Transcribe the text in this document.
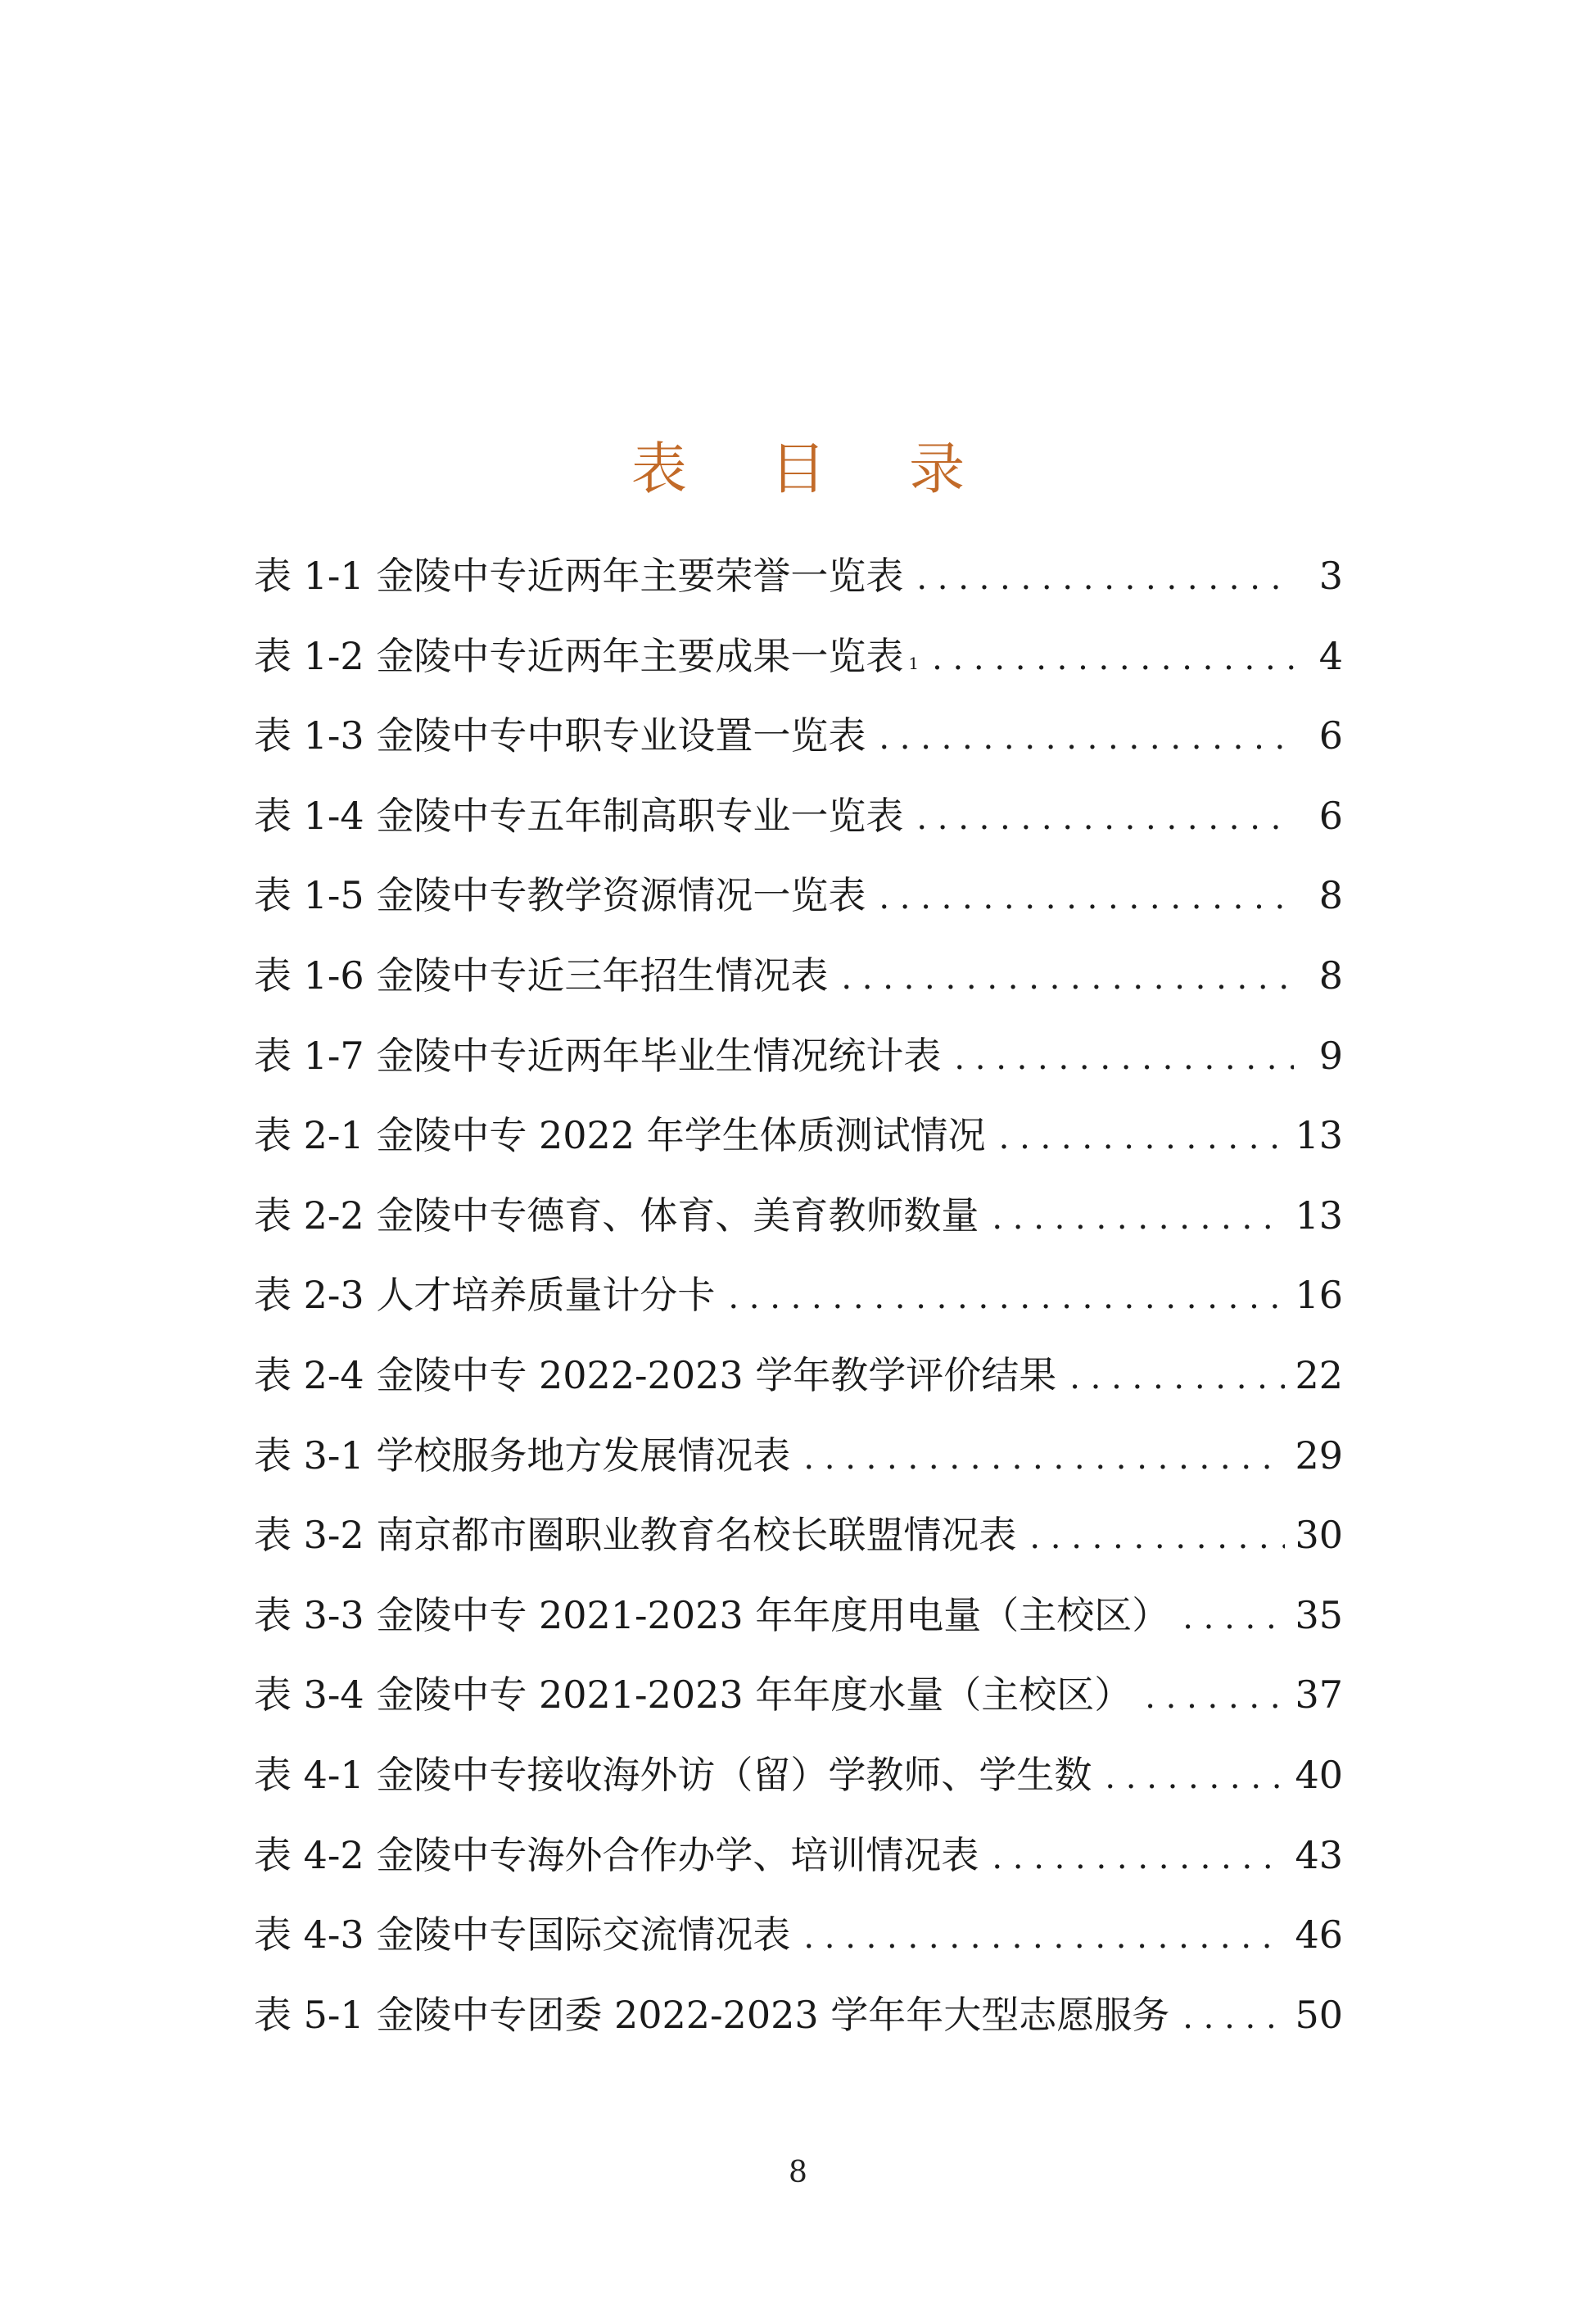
表 目 录
表 1-1 金陵中专近两年主要荣誉一览表 . . .	3
表 1-2 金陵中专近两年主要成果一览表 1 . . .	4
表 1-3 金陵中专中职专业设置一览表 . . .	6
表 1-4 金陵中专五年制高职专业一览表 . . .	6
表 1-5 金陵中专教学资源情况一览表 . . .	8
表 1-6 金陵中专近三年招生情况表 . . .	8
表 1-7 金陵中专近两年毕业生情况统计表 . . .	9
表 2-1 金陵中专 2022 年学生体质测试情况 . . .	13
表 2-2 金陵中专德育、体育、美育教师数量 . . .	13
表 2-3 人才培养质量计分卡 . . .	16
表 2-4 金陵中专 2022-2023 学年教学评价结果 . . .	22
表 3-1 学校服务地方发展情况表 . . .	29
表 3-2 南京都市圈职业教育名校长联盟情况表 . . .	30
表 3-3 金陵中专 2021-2023 年年度用电量（主校区） . . .	35
表 3-4 金陵中专 2021-2023 年年度水量（主校区） . . .	37
表 4-1 金陵中专接收海外访（留）学教师、学生数 . . .	40
表 4-2 金陵中专海外合作办学、培训情况表 . . .	43
表 4-3 金陵中专国际交流情况表 . . .	46
表 5-1 金陵中专团委 2022-2023 学年年大型志愿服务 . . .	50
8
